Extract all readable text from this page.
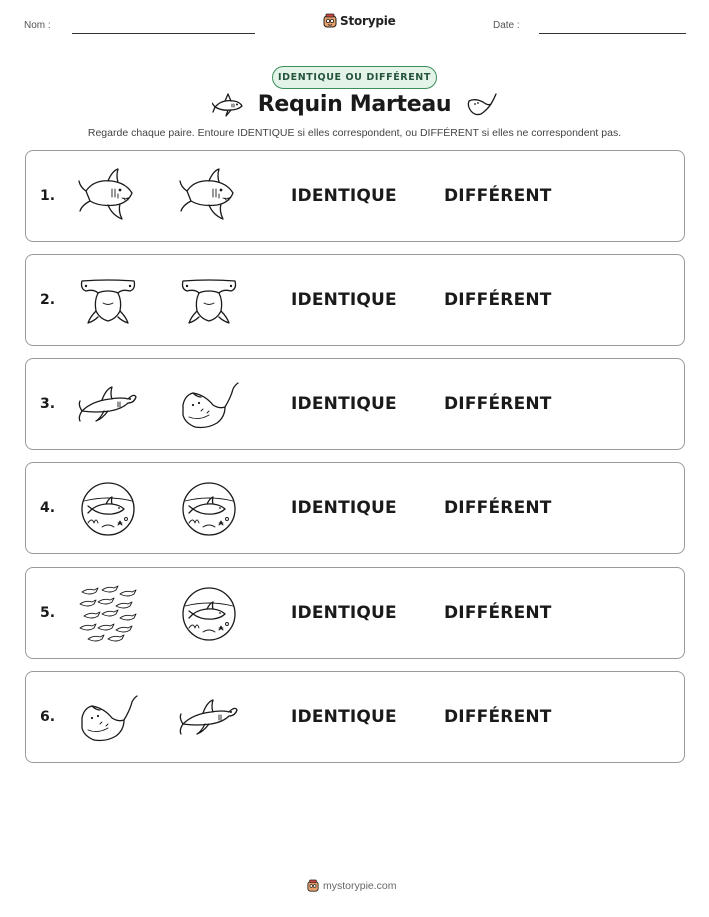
Nom :	Storypie	Date :
IDENTIQUE OU DIFFÉRENT
Requin Marteau
Regarde chaque paire. Entoure IDENTIQUE si elles correspondent, ou DIFFÉRENT si elles ne correspondent pas.
1.	IDENTIQUE	DIFFÉRENT
2.	IDENTIQUE	DIFFÉRENT
3.	IDENTIQUE	DIFFÉRENT
4.	IDENTIQUE	DIFFÉRENT
5.	IDENTIQUE	DIFFÉRENT
6.	IDENTIQUE	DIFFÉRENT
mystorypie.com
